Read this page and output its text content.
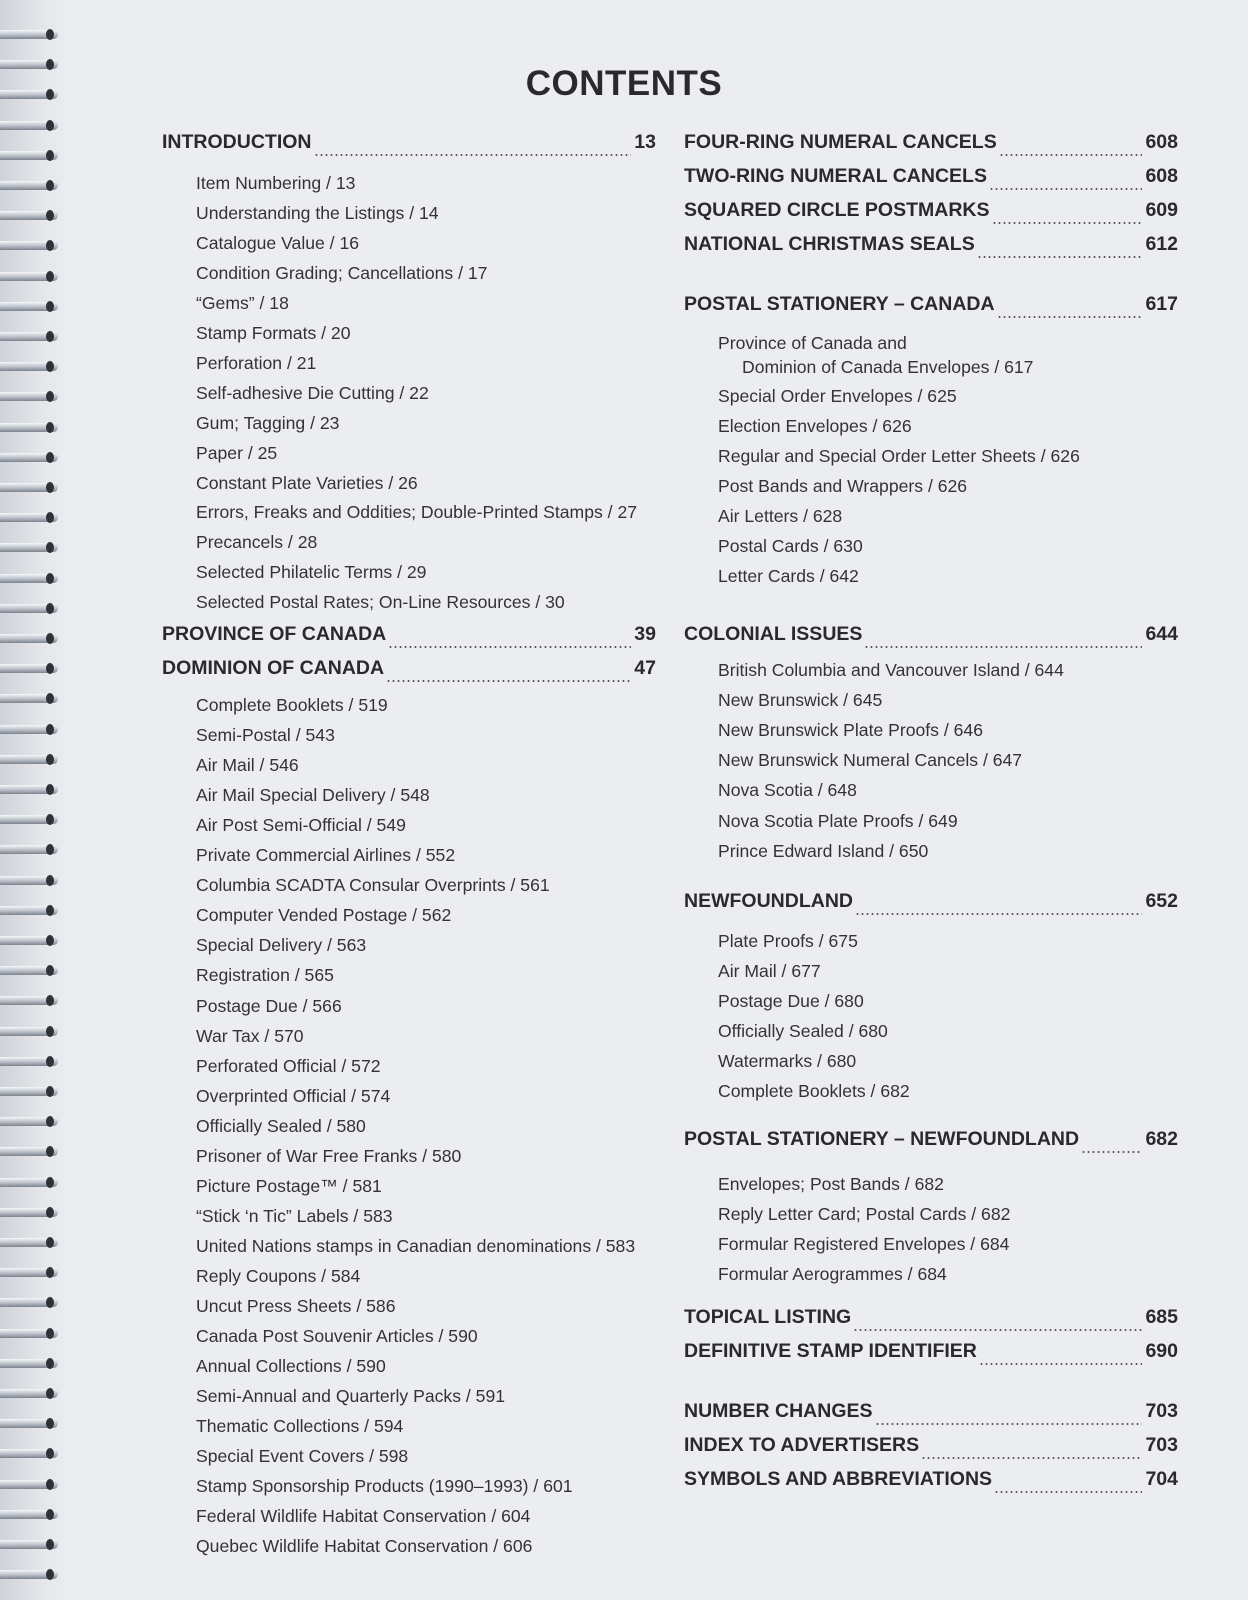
CONTENTS
INTRODUCTION	13
Item Numbering / 13
Understanding the Listings / 14
Catalogue Value / 16
Condition Grading; Cancellations / 17
“Gems” / 18
Stamp Formats / 20
Perforation / 21
Self-adhesive Die Cutting / 22
Gum; Tagging / 23
Paper / 25
Constant Plate Varieties / 26
Errors, Freaks and Oddities; Double-Printed Stamps / 27
Precancels / 28
Selected Philatelic Terms / 29
Selected Postal Rates; On-Line Resources / 30
PROVINCE OF CANADA	39
DOMINION OF CANADA	47
Complete Booklets / 519
Semi-Postal / 543
Air Mail / 546
Air Mail Special Delivery / 548
Air Post Semi-Official / 549
Private Commercial Airlines / 552
Columbia SCADTA Consular Overprints / 561
Computer Vended Postage / 562
Special Delivery / 563
Registration / 565
Postage Due / 566
War Tax / 570
Perforated Official / 572
Overprinted Official / 574
Officially Sealed / 580
Prisoner of War Free Franks / 580
Picture Postage™ / 581
“Stick ‘n Tic” Labels / 583
United Nations stamps in Canadian denominations / 583
Reply Coupons / 584
Uncut Press Sheets / 586
Canada Post Souvenir Articles / 590
Annual Collections / 590
Semi-Annual and Quarterly Packs / 591
Thematic Collections / 594
Special Event Covers / 598
Stamp Sponsorship Products (1990–1993) / 601
Federal Wildlife Habitat Conservation / 604
Quebec Wildlife Habitat Conservation / 606
FOUR-RING NUMERAL CANCELS	608
TWO-RING NUMERAL CANCELS	608
SQUARED CIRCLE POSTMARKS	609
NATIONAL CHRISTMAS SEALS	612
POSTAL STATIONERY – CANADA	617
Province of Canada and
Dominion of Canada Envelopes / 617
Special Order Envelopes / 625
Election Envelopes / 626
Regular and Special Order Letter Sheets / 626
Post Bands and Wrappers / 626
Air Letters / 628
Postal Cards / 630
Letter Cards / 642
COLONIAL ISSUES	644
British Columbia and Vancouver Island / 644
New Brunswick / 645
New Brunswick Plate Proofs / 646
New Brunswick Numeral Cancels / 647
Nova Scotia / 648
Nova Scotia Plate Proofs / 649
Prince Edward Island / 650
NEWFOUNDLAND	652
Plate Proofs / 675
Air Mail / 677
Postage Due / 680
Officially Sealed / 680
Watermarks / 680
Complete Booklets / 682
POSTAL STATIONERY – NEWFOUNDLAND	682
Envelopes; Post Bands / 682
Reply Letter Card; Postal Cards / 682
Formular Registered Envelopes / 684
Formular Aerogrammes / 684
TOPICAL LISTING	685
DEFINITIVE STAMP IDENTIFIER	690
NUMBER CHANGES	703
INDEX TO ADVERTISERS	703
SYMBOLS AND ABBREVIATIONS	704
